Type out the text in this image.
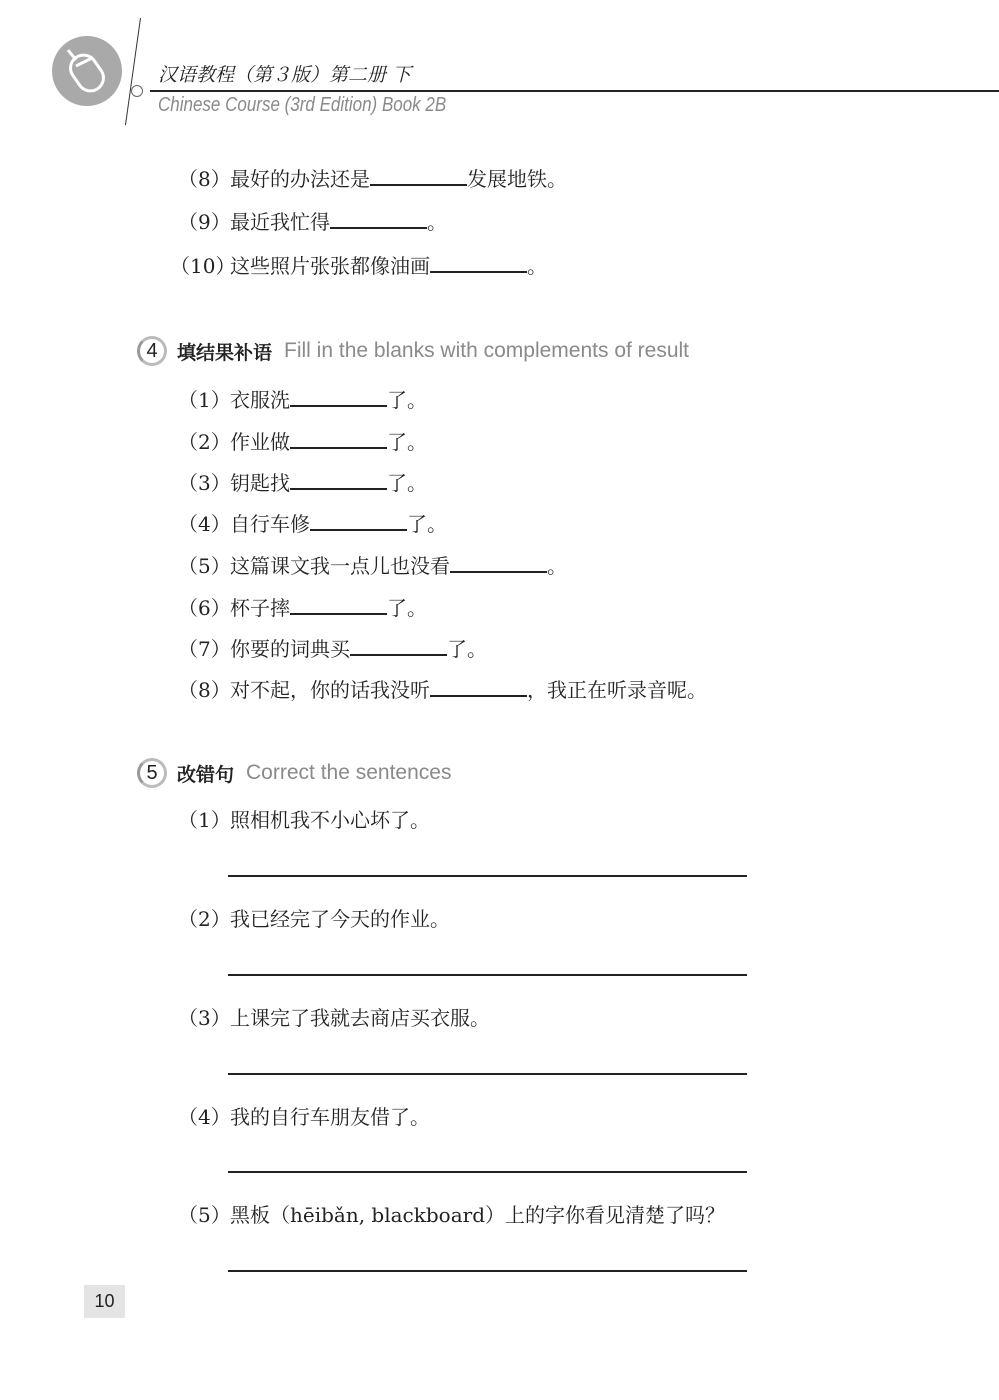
汉语教程（第３版）第二册 下
Chinese Course (3rd Edition) Book 2B
（8）最好的办法还是	发展地铁。
（9）最近我忙得	。
（10）这些照片张张都像油画	。
4	填结果补语 Fill in the blanks with complements of result
（1）衣服洗	了。
（2）作业做	了。
（3）钥匙找	了。
（4）自行车修	了。
（5）这篇课文我一点儿也没看	。
（6）杯子摔	了。
（7）你要的词典买	了。
（8）对不起，你的话我没听	，我正在听录音呢。
5	改错句 Correct the sentences
（1）照相机我不小心坏了。
（2）我已经完了今天的作业。
（3）上课完了我就去商店买衣服。
（4）我的自行车朋友借了。
（5）黑板（hēibǎn, blackboard）上的字你看见清楚了吗？
10
